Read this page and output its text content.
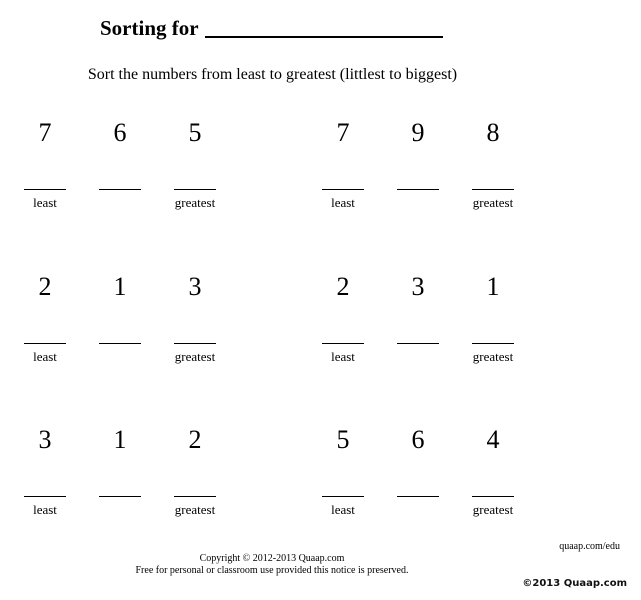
Sorting for
Sort the numbers from least to greatest (littlest to biggest)
7
least
6	5
greatest
7
least
9	8
greatest
2
least
1	3
greatest
2
least
3	1
greatest
3
least
1	2
greatest
5
least
6	4
greatest
quaap.com/edu
Copyright © 2012-2013 Quaap.com
Free for personal or classroom use provided this notice is preserved.
©2013 Quaap.com
